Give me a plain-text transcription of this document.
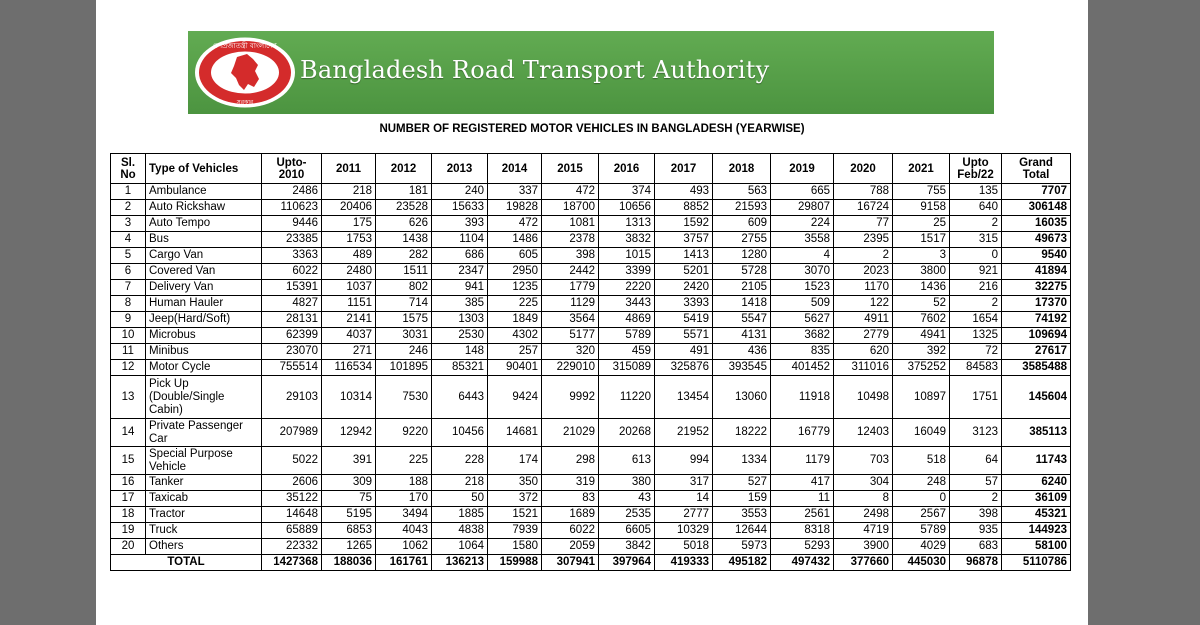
গণপ্রজাতন্ত্রী বাংলাদেশ
সরকার
Bangladesh Road Transport Authority
NUMBER OF REGISTERED MOTOR VEHICLES IN BANGLADESH (YEARWISE)
Sl. No	Type of Vehicles	Upto-2010	2011	2012	2013	2014	2015	2016	2017	2018	2019	2020	2021	Upto Feb/22	Grand Total
1	Ambulance	2486	218	181	240	337	472	374	493	563	665	788	755	135	7707
2	Auto Rickshaw	110623	20406	23528	15633	19828	18700	10656	8852	21593	29807	16724	9158	640	306148
3	Auto Tempo	9446	175	626	393	472	1081	1313	1592	609	224	77	25	2	16035
4	Bus	23385	1753	1438	1104	1486	2378	3832	3757	2755	3558	2395	1517	315	49673
5	Cargo Van	3363	489	282	686	605	398	1015	1413	1280	4	2	3	0	9540
6	Covered Van	6022	2480	1511	2347	2950	2442	3399	5201	5728	3070	2023	3800	921	41894
7	Delivery Van	15391	1037	802	941	1235	1779	2220	2420	2105	1523	1170	1436	216	32275
8	Human Hauler	4827	1151	714	385	225	1129	3443	3393	1418	509	122	52	2	17370
9	Jeep(Hard/Soft)	28131	2141	1575	1303	1849	3564	4869	5419	5547	5627	4911	7602	1654	74192
10	Microbus	62399	4037	3031	2530	4302	5177	5789	5571	4131	3682	2779	4941	1325	109694
11	Minibus	23070	271	246	148	257	320	459	491	436	835	620	392	72	27617
12	Motor Cycle	755514	116534	101895	85321	90401	229010	315089	325876	393545	401452	311016	375252	84583	3585488
13	Pick Up (Double/Single Cabin)	29103	10314	7530	6443	9424	9992	11220	13454	13060	11918	10498	10897	1751	145604
14	Private Passenger Car	207989	12942	9220	10456	14681	21029	20268	21952	18222	16779	12403	16049	3123	385113
15	Special Purpose Vehicle	5022	391	225	228	174	298	613	994	1334	1179	703	518	64	11743
16	Tanker	2606	309	188	218	350	319	380	317	527	417	304	248	57	6240
17	Taxicab	35122	75	170	50	372	83	43	14	159	11	8	0	2	36109
18	Tractor	14648	5195	3494	1885	1521	1689	2535	2777	3553	2561	2498	2567	398	45321
19	Truck	65889	6853	4043	4838	7939	6022	6605	10329	12644	8318	4719	5789	935	144923
20	Others	22332	1265	1062	1064	1580	2059	3842	5018	5973	5293	3900	4029	683	58100
TOTAL		1427368	188036	161761	136213	159988	307941	397964	419333	495182	497432	377660	445030	96878	5110786
